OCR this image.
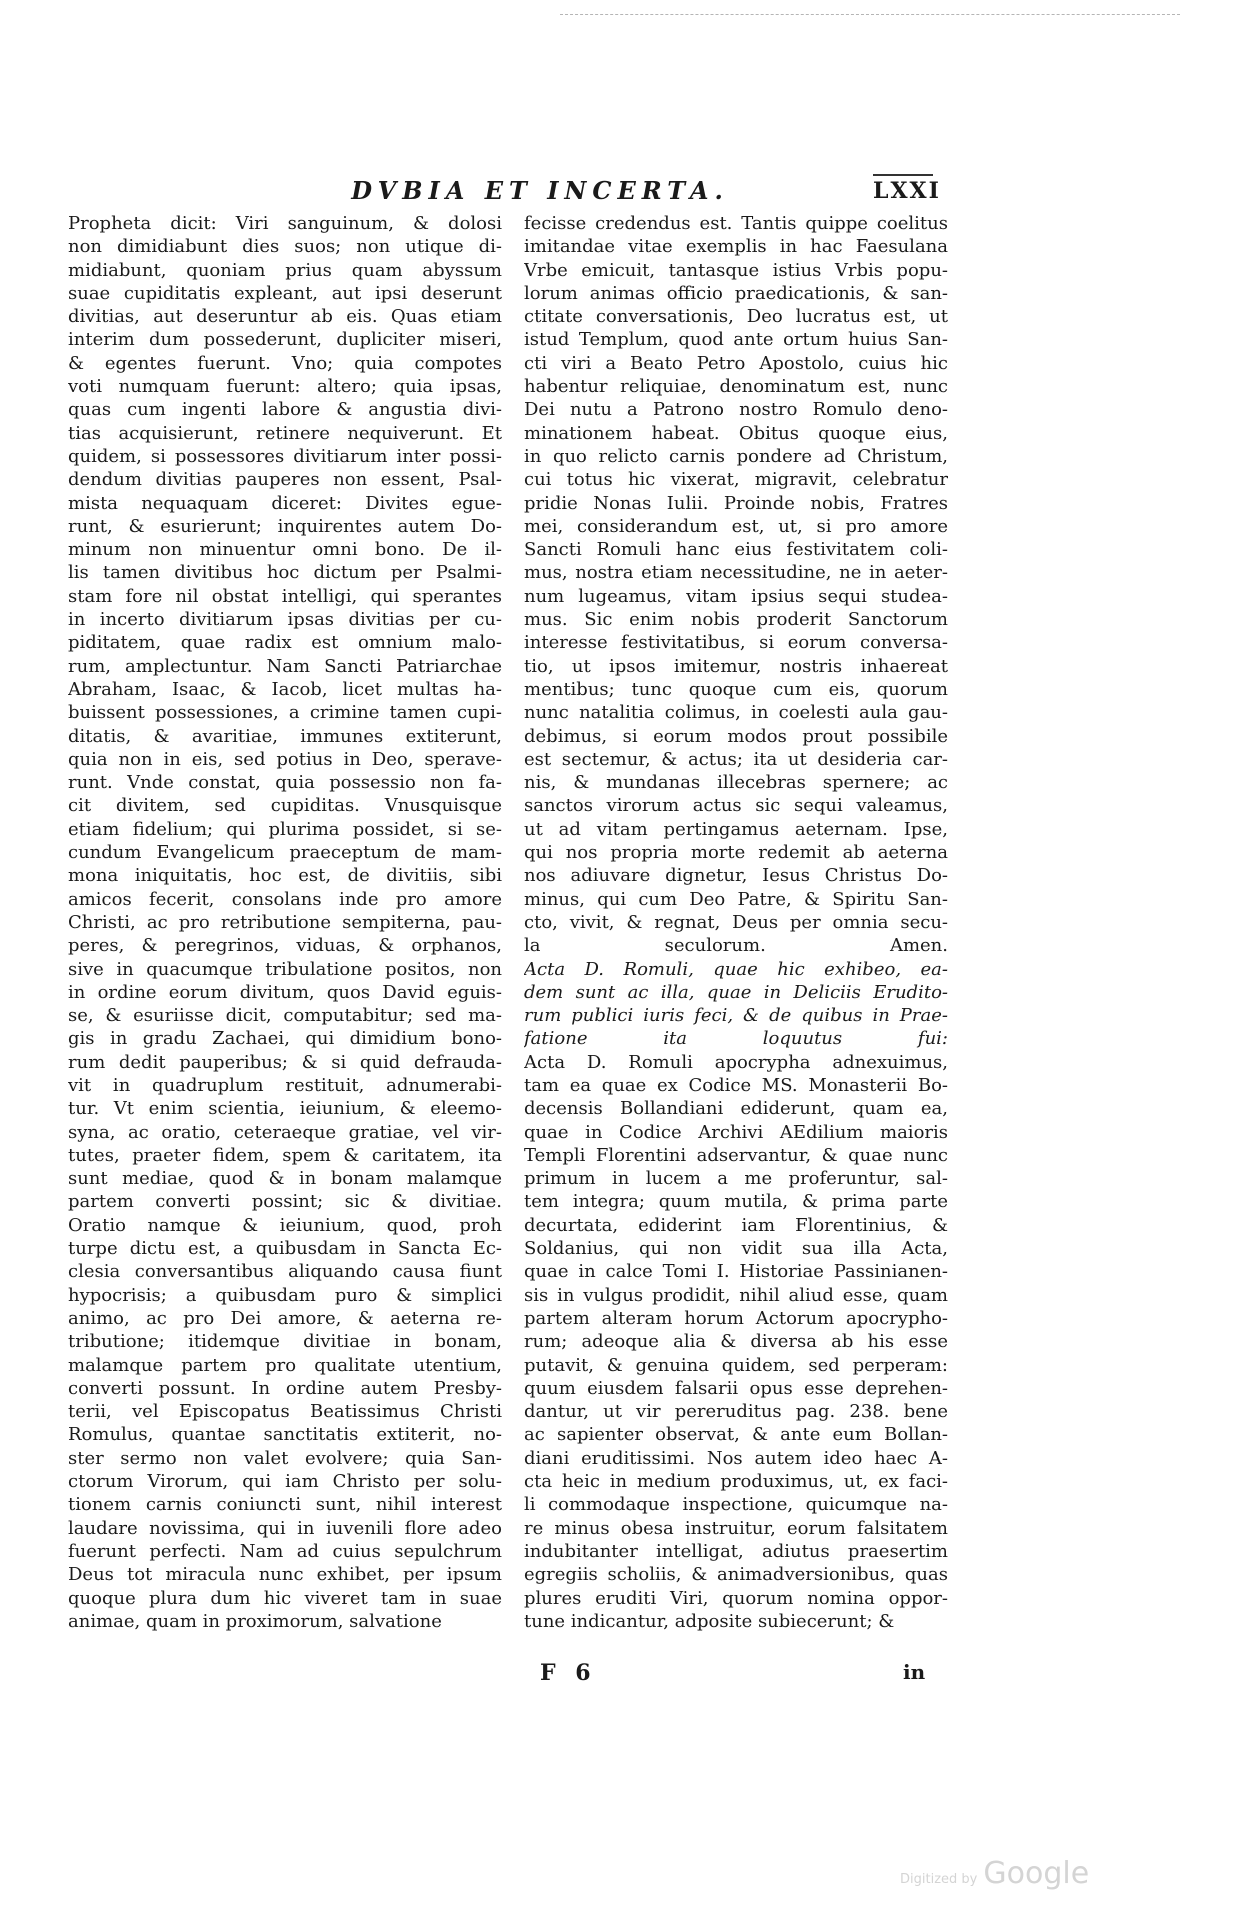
DVBIA ET INCERTA.	LXXI
Propheta dicit: Viri sanguinum, & dolosi
non dimidiabunt dies suos; non utique di-
midiabunt, quoniam prius quam abyssum
suae cupiditatis expleant, aut ipsi deserunt
divitias, aut deseruntur ab eis. Quas etiam
interim dum possederunt, dupliciter miseri,
& egentes fuerunt. Vno; quia compotes
voti numquam fuerunt: altero; quia ipsas,
quas cum ingenti labore & angustia divi-
tias acquisierunt, retinere nequiverunt. Et
quidem, si possessores divitiarum inter possi-
dendum divitias pauperes non essent, Psal-
mista nequaquam diceret: Divites egue-
runt, & esurierunt; inquirentes autem Do-
minum non minuentur omni bono. De il-
lis tamen divitibus hoc dictum per Psalmi-
stam fore nil obstat intelligi, qui sperantes
in incerto divitiarum ipsas divitias per cu-
piditatem, quae radix est omnium malo-
rum, amplectuntur. Nam Sancti Patriarchae
Abraham, Isaac, & Iacob, licet multas ha-
buissent possessiones, a crimine tamen cupi-
ditatis, & avaritiae, immunes extiterunt,
quia non in eis, sed potius in Deo, sperave-
runt. Vnde constat, quia possessio non fa-
cit divitem, sed cupiditas. Vnusquisque
etiam fidelium; qui plurima possidet, si se-
cundum Evangelicum praeceptum de mam-
mona iniquitatis, hoc est, de divitiis, sibi
amicos fecerit, consolans inde pro amore
Christi, ac pro retributione sempiterna, pau-
peres, & peregrinos, viduas, & orphanos,
sive in quacumque tribulatione positos, non
in ordine eorum divitum, quos David eguis-
se, & esuriisse dicit, computabitur; sed ma-
gis in gradu Zachaei, qui dimidium bono-
rum dedit pauperibus; & si quid defrauda-
vit in quadruplum restituit, adnumerabi-
tur. Vt enim scientia, ieiunium, & eleemo-
syna, ac oratio, ceteraeque gratiae, vel vir-
tutes, praeter fidem, spem & caritatem, ita
sunt mediae, quod & in bonam malamque
partem converti possint; sic & divitiae.
Oratio namque & ieiunium, quod, proh
turpe dictu est, a quibusdam in Sancta Ec-
clesia conversantibus aliquando causa fiunt
hypocrisis; a quibusdam puro & simplici
animo, ac pro Dei amore, & aeterna re-
tributione; itidemque divitiae in bonam,
malamque partem pro qualitate utentium,
converti possunt. In ordine autem Presby-
terii, vel Episcopatus Beatissimus Christi
Romulus, quantae sanctitatis extiterit, no-
ster sermo non valet evolvere; quia San-
ctorum Virorum, qui iam Christo per solu-
tionem carnis coniuncti sunt, nihil interest
laudare novissima, qui in iuvenili flore adeo
fuerunt perfecti. Nam ad cuius sepulchrum
Deus tot miracula nunc exhibet, per ipsum
quoque plura dum hic viveret tam in suae
animae, quam in proximorum, salvatione
fecisse credendus est. Tantis quippe coelitus
imitandae vitae exemplis in hac Faesulana
Vrbe emicuit, tantasque istius Vrbis popu-
lorum animas officio praedicationis, & san-
ctitate conversationis, Deo lucratus est, ut
istud Templum, quod ante ortum huius San-
cti viri a Beato Petro Apostolo, cuius hic
habentur reliquiae, denominatum est, nunc
Dei nutu a Patrono nostro Romulo deno-
minationem habeat. Obitus quoque eius,
in quo relicto carnis pondere ad Christum,
cui totus hic vixerat, migravit, celebratur
pridie Nonas Iulii. Proinde nobis, Fratres
mei, considerandum est, ut, si pro amore
Sancti Romuli hanc eius festivitatem coli-
mus, nostra etiam necessitudine, ne in aeter-
num lugeamus, vitam ipsius sequi studea-
mus. Sic enim nobis proderit Sanctorum
interesse festivitatibus, si eorum conversa-
tio, ut ipsos imitemur, nostris inhaereat
mentibus; tunc quoque cum eis, quorum
nunc natalitia colimus, in coelesti aula gau-
debimus, si eorum modos prout possibile
est sectemur, & actus; ita ut desideria car-
nis, & mundanas illecebras spernere; ac
sanctos virorum actus sic sequi valeamus,
ut ad vitam pertingamus aeternam. Ipse,
qui nos propria morte redemit ab aeterna
nos adiuvare dignetur, Iesus Christus Do-
minus, qui cum Deo Patre, & Spiritu San-
cto, vivit, & regnat, Deus per omnia secu-
la seculorum. Amen.
Acta D. Romuli, quae hic exhibeo, ea-
dem sunt ac illa, quae in Deliciis Erudito-
rum publici iuris feci, & de quibus in Prae-
fatione ita loquutus fui:
Acta D. Romuli apocrypha adnexuimus,
tam ea quae ex Codice MS. Monasterii Bo-
decensis Bollandiani ediderunt, quam ea,
quae in Codice Archivi AEdilium maioris
Templi Florentini adservantur, & quae nunc
primum in lucem a me proferuntur, sal-
tem integra; quum mutila, & prima parte
decurtata, ediderint iam Florentinius, &
Soldanius, qui non vidit sua illa Acta,
quae in calce Tomi I. Historiae Passinianen-
sis in vulgus prodidit, nihil aliud esse, quam
partem alteram horum Actorum apocrypho-
rum; adeoque alia & diversa ab his esse
putavit, & genuina quidem, sed perperam:
quum eiusdem falsarii opus esse deprehen-
dantur, ut vir pereruditus pag. 238. bene
ac sapienter observat, & ante eum Bollan-
diani eruditissimi. Nos autem ideo haec A-
cta heic in medium produximus, ut, ex faci-
li commodaque inspectione, quicumque na-
re minus obesa instruitur, eorum falsitatem
indubitanter intelligat, adiutus praesertim
egregiis scholiis, & animadversionibus, quas
plures eruditi Viri, quorum nomina oppor-
tune indicantur, adposite subiecerunt; &
F 6	in
Digitized by Google
